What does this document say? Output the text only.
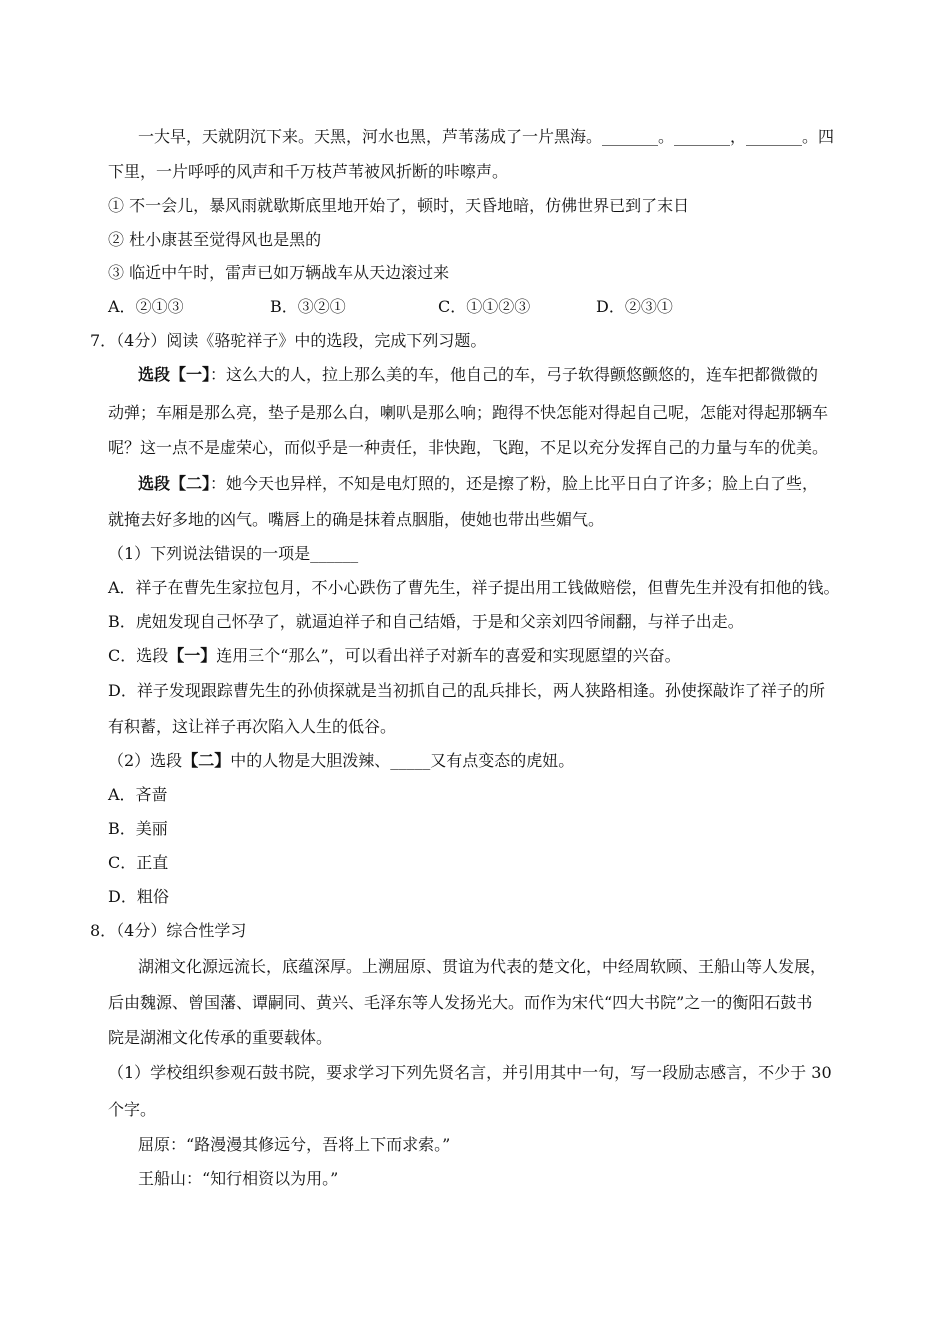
一大早，天就阴沉下来。天黑，河水也黑，芦苇荡成了一片黑海。_______。_______，_______。四
下里，一片呼呼的风声和千万枝芦苇被风折断的咔嚓声。
① 不一会儿，暴风雨就歇斯底里地开始了，顿时，天昏地暗，仿佛世界已到了末日
② 杜小康甚至觉得风也是黑的
③ 临近中午时，雷声已如万辆战车从天边滚过来
A．②①③	B．③②①	C．①①②③	D．②③①
7．（4分）阅读《骆驼祥子》中的选段，完成下列习题。
选段【一】：这么大的人，拉上那么美的车，他自己的车，弓子软得颤悠颤悠的，连车把都微微的
动弹；车厢是那么亮，垫子是那么白，喇叭是那么响；跑得不快怎能对得起自己呢，怎能对得起那辆车
呢？这一点不是虚荣心，而似乎是一种责任，非快跑，飞跑，不足以充分发挥自己的力量与车的优美。
选段【二】：她今天也异样，不知是电灯照的，还是擦了粉，脸上比平日白了许多；脸上白了些，
就掩去好多地的凶气。嘴唇上的确是抹着点胭脂，使她也带出些媚气。
（1）下列说法错误的一项是______
A．祥子在曹先生家拉包月，不小心跌伤了曹先生，祥子提出用工钱做赔偿，但曹先生并没有扣他的钱。
B．虎妞发现自己怀孕了，就逼迫祥子和自己结婚，于是和父亲刘四爷闹翻，与祥子出走。
C．选段【一】连用三个“那么”，可以看出祥子对新车的喜爱和实现愿望的兴奋。
D．祥子发现跟踪曹先生的孙侦探就是当初抓自己的乱兵排长，两人狭路相逢。孙使探敲诈了祥子的所
有积蓄，这让祥子再次陷入人生的低谷。
（2）选段【二】中的人物是大胆泼辣、_____又有点变态的虎妞。
A．吝啬
B．美丽
C．正直
D．粗俗
8．（4分）综合性学习
湖湘文化源远流长，底蕴深厚。上溯屈原、贯谊为代表的楚文化，中经周软顾、王船山等人发展，
后由魏源、曾国藩、谭嗣同、黄兴、毛泽东等人发扬光大。而作为宋代“四大书院”之一的衡阳石鼓书
院是湖湘文化传承的重要载体。
（1）学校组织参观石鼓书院，要求学习下列先贤名言，并引用其中一句，写一段励志感言，不少于 30
个字。
屈原：“路漫漫其修远兮，吾将上下而求索。”
王船山：“知行相资以为用。”
